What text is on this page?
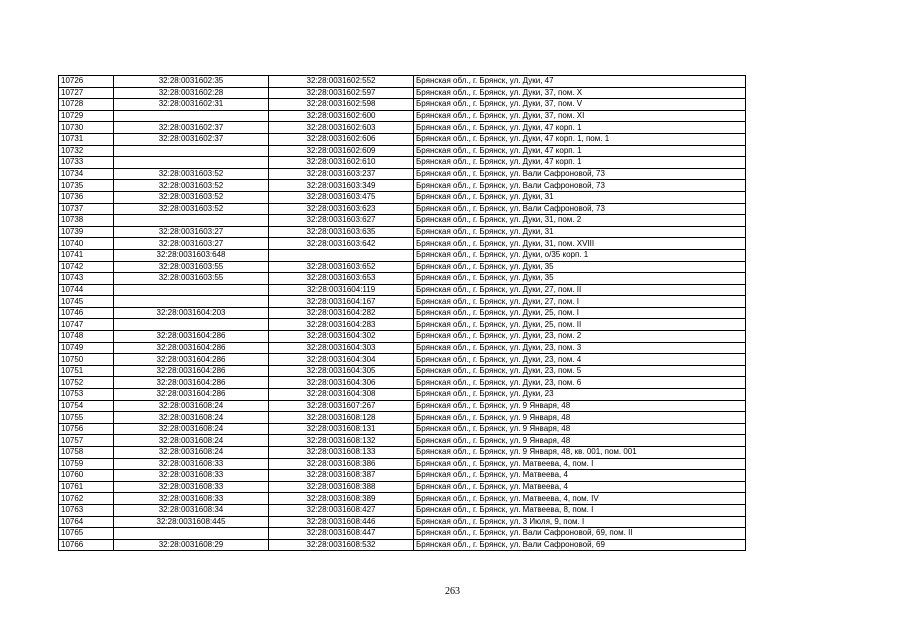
10726	32:28:0031602:35	32:28:0031602:552	Брянская обл., г. Брянск, ул. Дуки, 47
10727	32:28:0031602:28	32:28:0031602:597	Брянская обл., г. Брянск, ул. Дуки, 37, пом. X
10728	32:28:0031602:31	32:28:0031602:598	Брянская обл., г. Брянск, ул. Дуки, 37, пом. V
10729		32:28:0031602:600	Брянская обл., г. Брянск, ул. Дуки, 37, пом. XI
10730	32:28:0031602:37	32:28:0031602:603	Брянская обл., г. Брянск, ул. Дуки, 47 корп. 1
10731	32:28:0031602:37	32:28:0031602:606	Брянская обл., г. Брянск, ул. Дуки, 47 корп. 1, пом. 1
10732		32:28:0031602:609	Брянская обл., г. Брянск, ул. Дуки, 47 корп. 1
10733		32:28:0031602:610	Брянская обл., г. Брянск, ул. Дуки, 47 корп. 1
10734	32:28:0031603:52	32:28:0031603:237	Брянская обл., г. Брянск, ул. Вали Сафроновой, 73
10735	32:28:0031603:52	32:28:0031603:349	Брянская обл., г. Брянск, ул. Вали Сафроновой, 73
10736	32:28:0031603:52	32:28:0031603:475	Брянская обл., г. Брянск, ул. Дуки, 31
10737	32:28:0031603:52	32:28:0031603:623	Брянская обл., г. Брянск, ул. Вали Сафроновой, 73
10738		32:28:0031603:627	Брянская обл., г. Брянск, ул. Дуки, 31, пом. 2
10739	32:28:0031603:27	32:28:0031603:635	Брянская обл., г. Брянск, ул. Дуки, 31
10740	32:28:0031603:27	32:28:0031603:642	Брянская обл., г. Брянск, ул. Дуки, 31, пом. XVIII
10741	32:28:0031603:648		Брянская обл., г. Брянск, ул. Дуки, о/35 корп. 1
10742	32:28:0031603:55	32:28:0031603:652	Брянская обл., г. Брянск, ул. Дуки, 35
10743	32:28:0031603:55	32:28:0031603:653	Брянская обл., г. Брянск, ул. Дуки, 35
10744		32:28:0031604:119	Брянская обл., г. Брянск, ул. Дуки, 27, пом. II
10745		32:28:0031604:167	Брянская обл., г. Брянск, ул. Дуки, 27, пом. I
10746	32:28:0031604:203	32:28:0031604:282	Брянская обл., г. Брянск, ул. Дуки, 25, пом. I
10747		32:28:0031604:283	Брянская обл., г. Брянск, ул. Дуки, 25, пом. II
10748	32:28:0031604:286	32:28:0031604:302	Брянская обл., г. Брянск, ул. Дуки, 23, пом. 2
10749	32:28:0031604:286	32:28:0031604:303	Брянская обл., г. Брянск, ул. Дуки, 23, пом. 3
10750	32:28:0031604:286	32:28:0031604:304	Брянская обл., г. Брянск, ул. Дуки, 23, пом. 4
10751	32:28:0031604:286	32:28:0031604:305	Брянская обл., г. Брянск, ул. Дуки, 23, пом. 5
10752	32:28:0031604:286	32:28:0031604:306	Брянская обл., г. Брянск, ул. Дуки, 23, пом. 6
10753	32:28:0031604:286	32:28:0031604:308	Брянская обл., г. Брянск, ул. Дуки, 23
10754	32:28:0031608:24	32:28:0031607:267	Брянская обл., г. Брянск, ул. 9 Января, 48
10755	32:28:0031608:24	32:28:0031608:128	Брянская обл., г. Брянск, ул. 9 Января, 48
10756	32:28:0031608:24	32:28:0031608:131	Брянская обл., г. Брянск, ул. 9 Января, 48
10757	32:28:0031608:24	32:28:0031608:132	Брянская обл., г. Брянск, ул. 9 Января, 48
10758	32:28:0031608:24	32:28:0031608:133	Брянская обл., г. Брянск, ул. 9 Января, 48, кв. 001, пом. 001
10759	32:28:0031608:33	32:28:0031608:386	Брянская обл., г. Брянск, ул. Матвеева, 4, пом. I
10760	32:28:0031608:33	32:28:0031608:387	Брянская обл., г. Брянск, ул. Матвеева, 4
10761	32:28:0031608:33	32:28:0031608:388	Брянская обл., г. Брянск, ул. Матвеева, 4
10762	32:28:0031608:33	32:28:0031608:389	Брянская обл., г. Брянск, ул. Матвеева, 4, пом. IV
10763	32:28:0031608:34	32:28:0031608:427	Брянская обл., г. Брянск, ул. Матвеева, 8, пом. I
10764	32:28:0031608:445	32:28:0031608:446	Брянская обл., г. Брянск, ул. 3 Июля, 9, пом. I
10765		32:28:0031608:447	Брянская обл., г. Брянск, ул. Вали Сафроновой, 69, пом. II
10766	32:28:0031608:29	32:28:0031608:532	Брянская обл., г. Брянск, ул. Вали Сафроновой, 69
263
